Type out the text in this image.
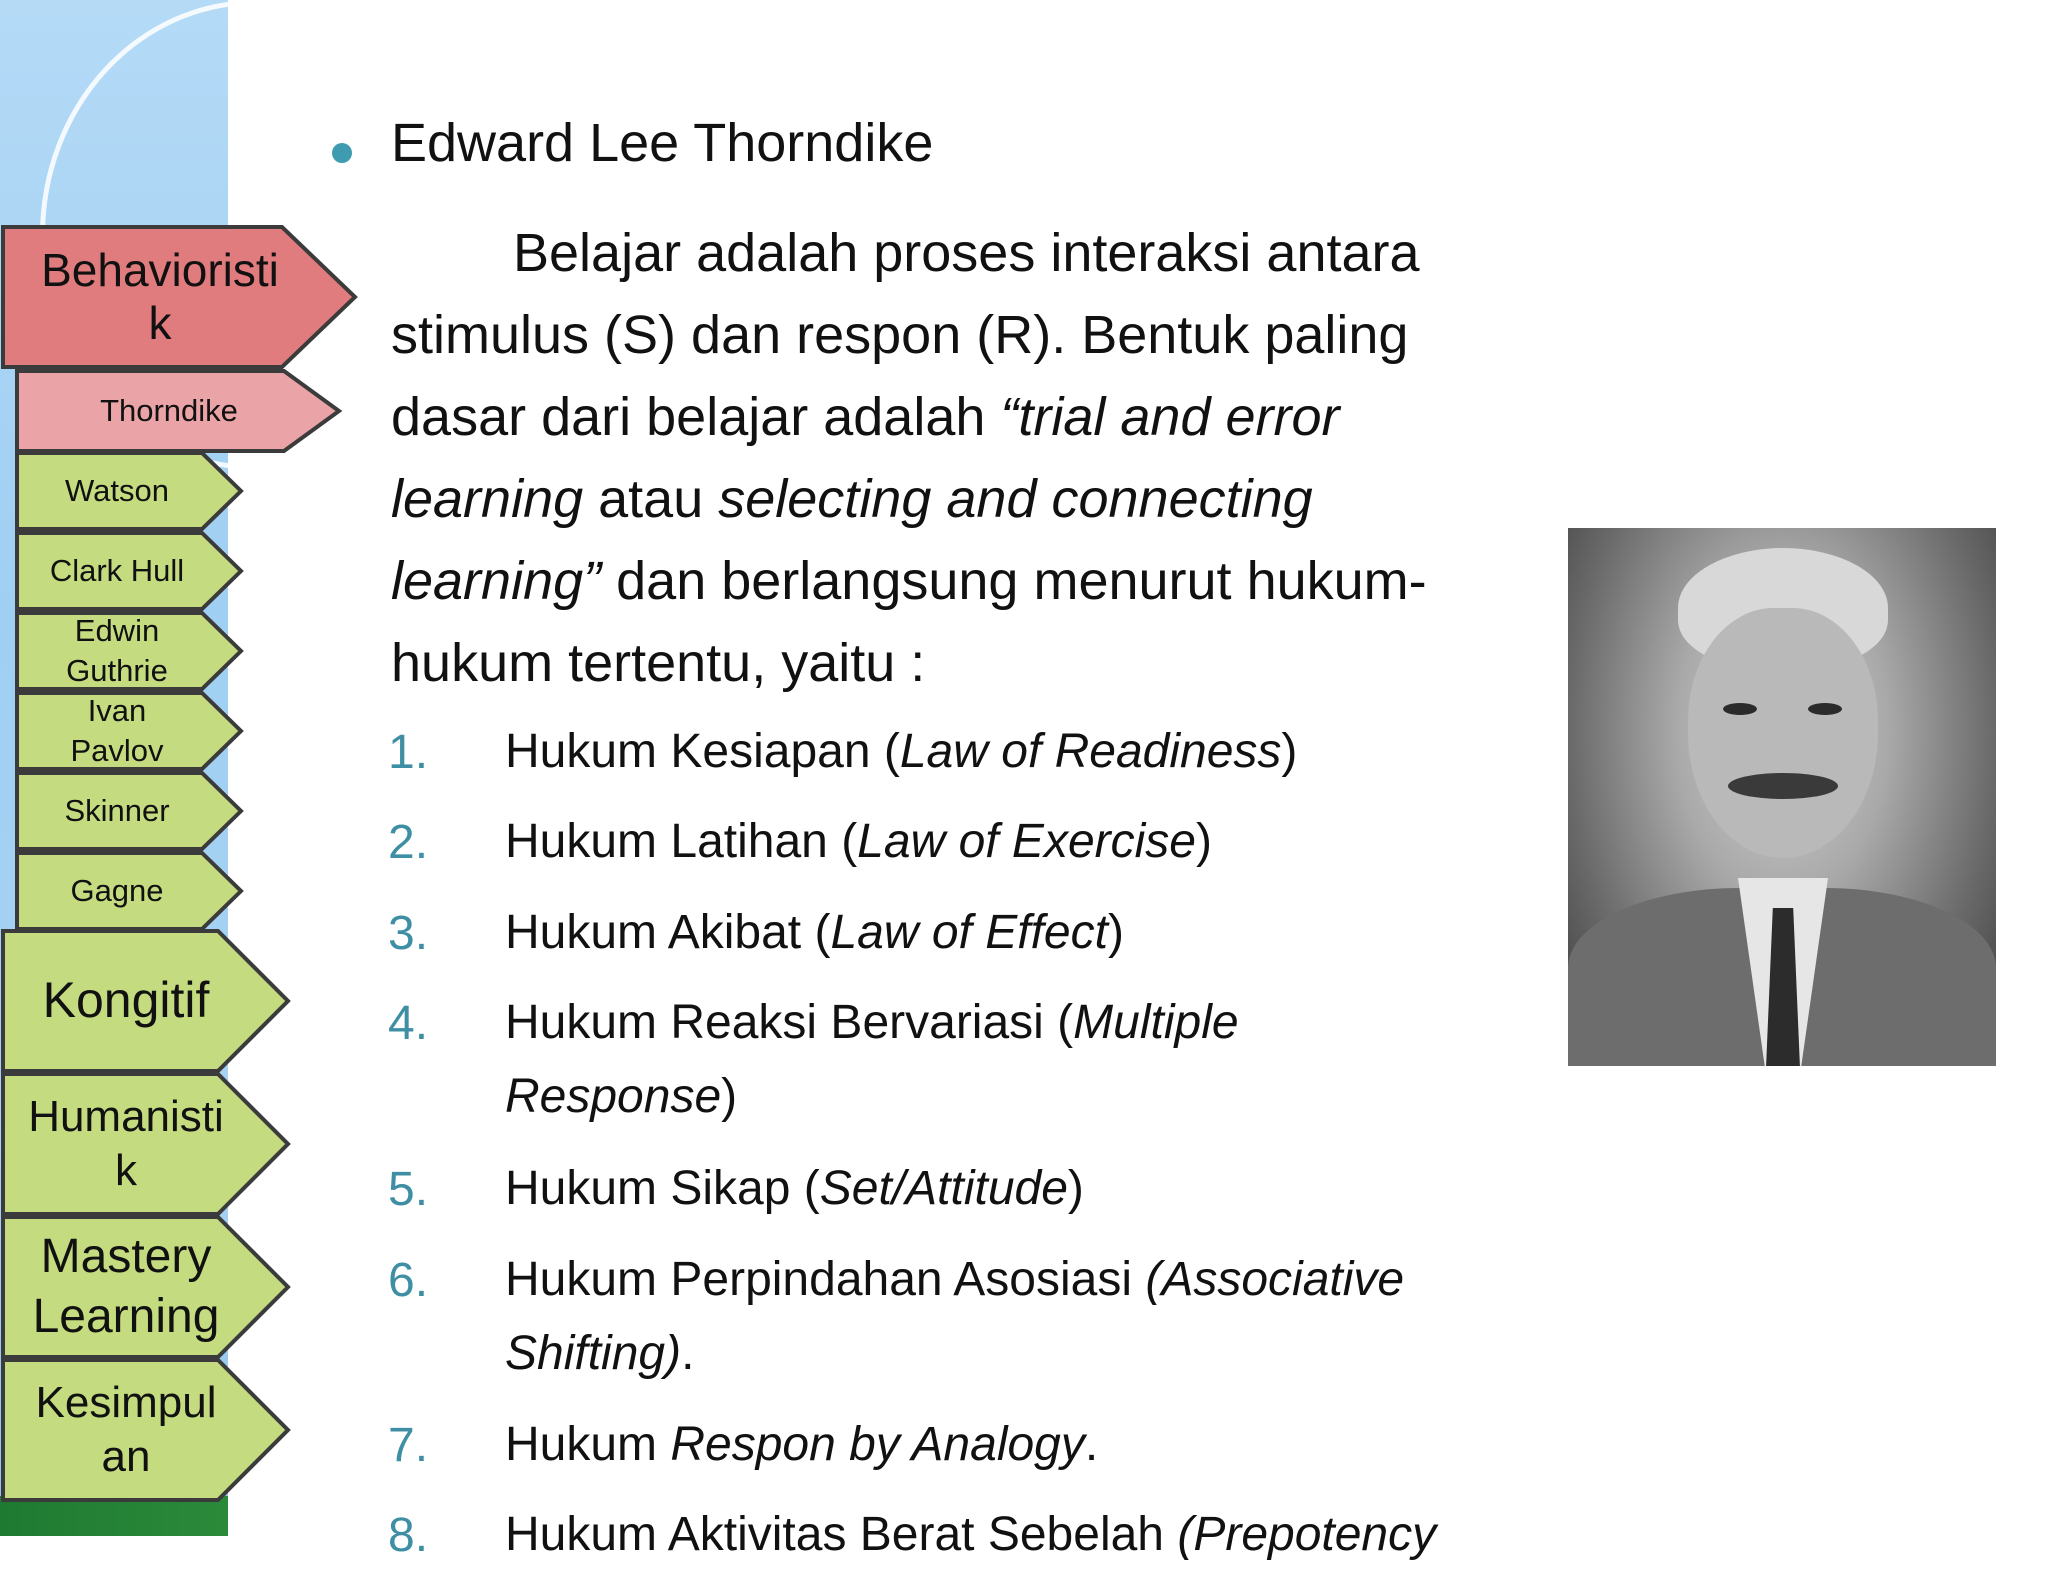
Behavioristi
k
Thorndike
Watson
Clark Hull
Edwin
Guthrie
Ivan
Pavlov
Skinner
Gagne
Kongitif
Humanisti
k
Mastery
Learning
Kesimpul
an
Edward Lee Thorndike
Belajar adalah proses interaksi antara stimulus (S) dan respon (R). Bentuk paling dasar dari belajar adalah “trial and error learning atau selecting and connecting learning” dan berlangsung menurut hukum-hukum tertentu, yaitu :
1. Hukum Kesiapan (Law of Readiness)
2. Hukum Latihan (Law of Exercise)
3. Hukum Akibat (Law of Effect)
4. Hukum Reaksi Bervariasi (Multiple Response)
5. Hukum Sikap (Set/Attitude)
6. Hukum Perpindahan Asosiasi (Associative Shifting).
7. Hukum Respon by Analogy.
8. Hukum Aktivitas Berat Sebelah (Prepotency
